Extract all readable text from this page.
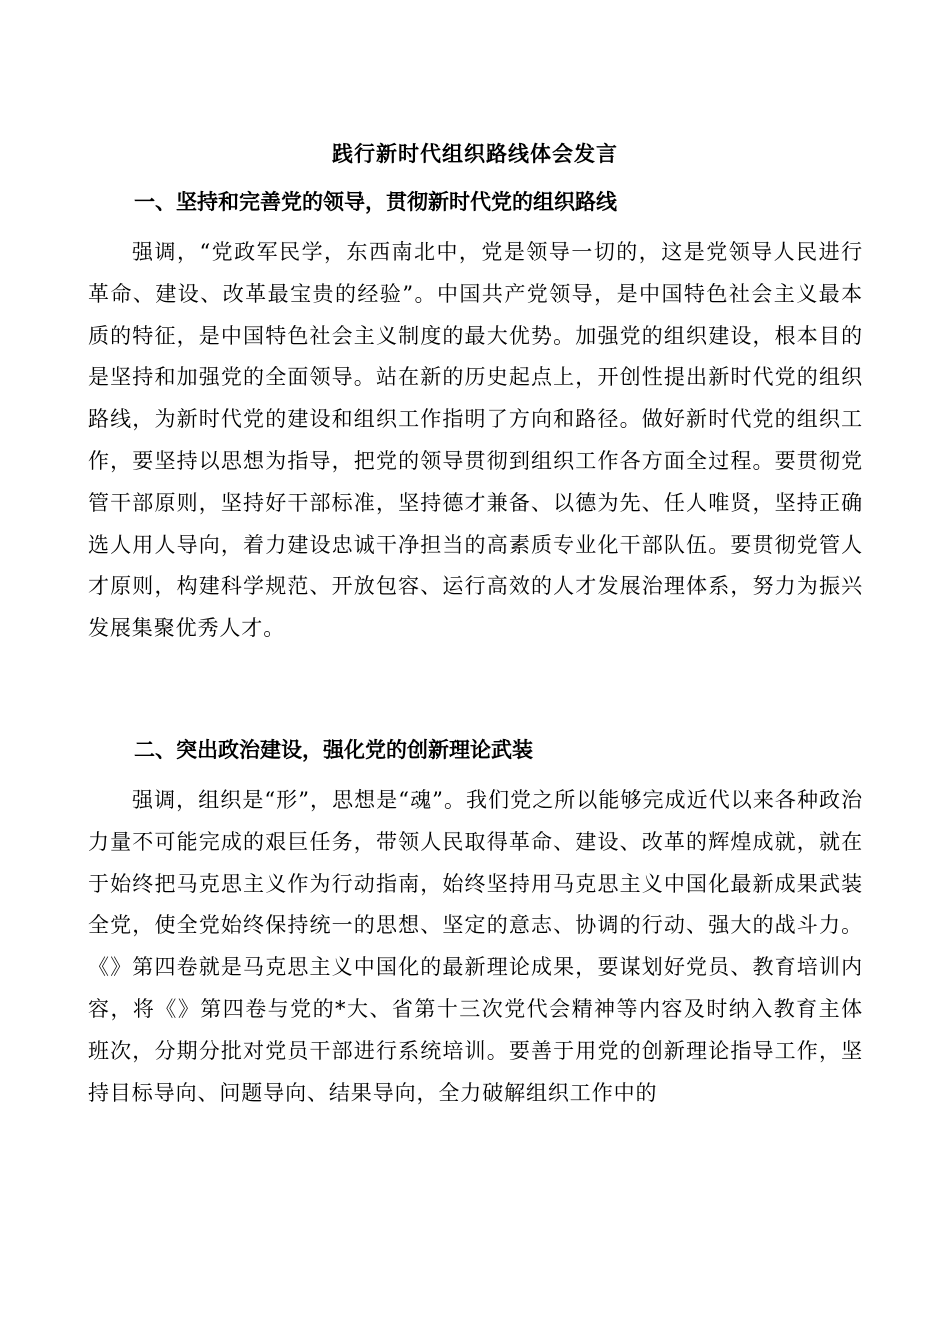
践行新时代组织路线体会发言
一、坚持和完善党的领导，贯彻新时代党的组织路线

强调，“党政军民学，东西南北中，党是领导一切的，这是党领导人民进行革命、建设、改革最宝贵的经验”。中国共产党领导，是中国特色社会主义最本质的特征，是中国特色社会主义制度的最大优势。加强党的组织建设，根本目的是坚持和加强党的全面领导。站在新的历史起点上，开创性提出新时代党的组织路线，为新时代党的建设和组织工作指明了方向和路径。做好新时代党的组织工作，要坚持以思想为指导，把党的领导贯彻到组织工作各方面全过程。要贯彻党管干部原则，坚持好干部标准，坚持德才兼备、以德为先、任人唯贤，坚持正确选人用人导向，着力建设忠诚干净担当的高素质专业化干部队伍。要贯彻党管人才原则，构建科学规范、开放包容、运行高效的人才发展治理体系，努力为振兴发展集聚优秀人才。

二、突出政治建设，强化党的创新理论武装

强调，组织是“形”，思想是“魂”。我们党之所以能够完成近代以来各种政治力量不可能完成的艰巨任务，带领人民取得革命、建设、改革的辉煌成就，就在于始终把马克思主义作为行动指南，始终坚持用马克思主义中国化最新成果武装全党，使全党始终保持统一的思想、坚定的意志、协调的行动、强大的战斗力。《》第四卷就是马克思主义中国化的最新理论成果，要谋划好党员、教育培训内容，将《》第四卷与党的*大、省第十三次党代会精神等内容及时纳入教育主体班次，分期分批对党员干部进行系统培训。要善于用党的创新理论指导工作，坚持目标导向、问题导向、结果导向，全力破解组织工作中的
